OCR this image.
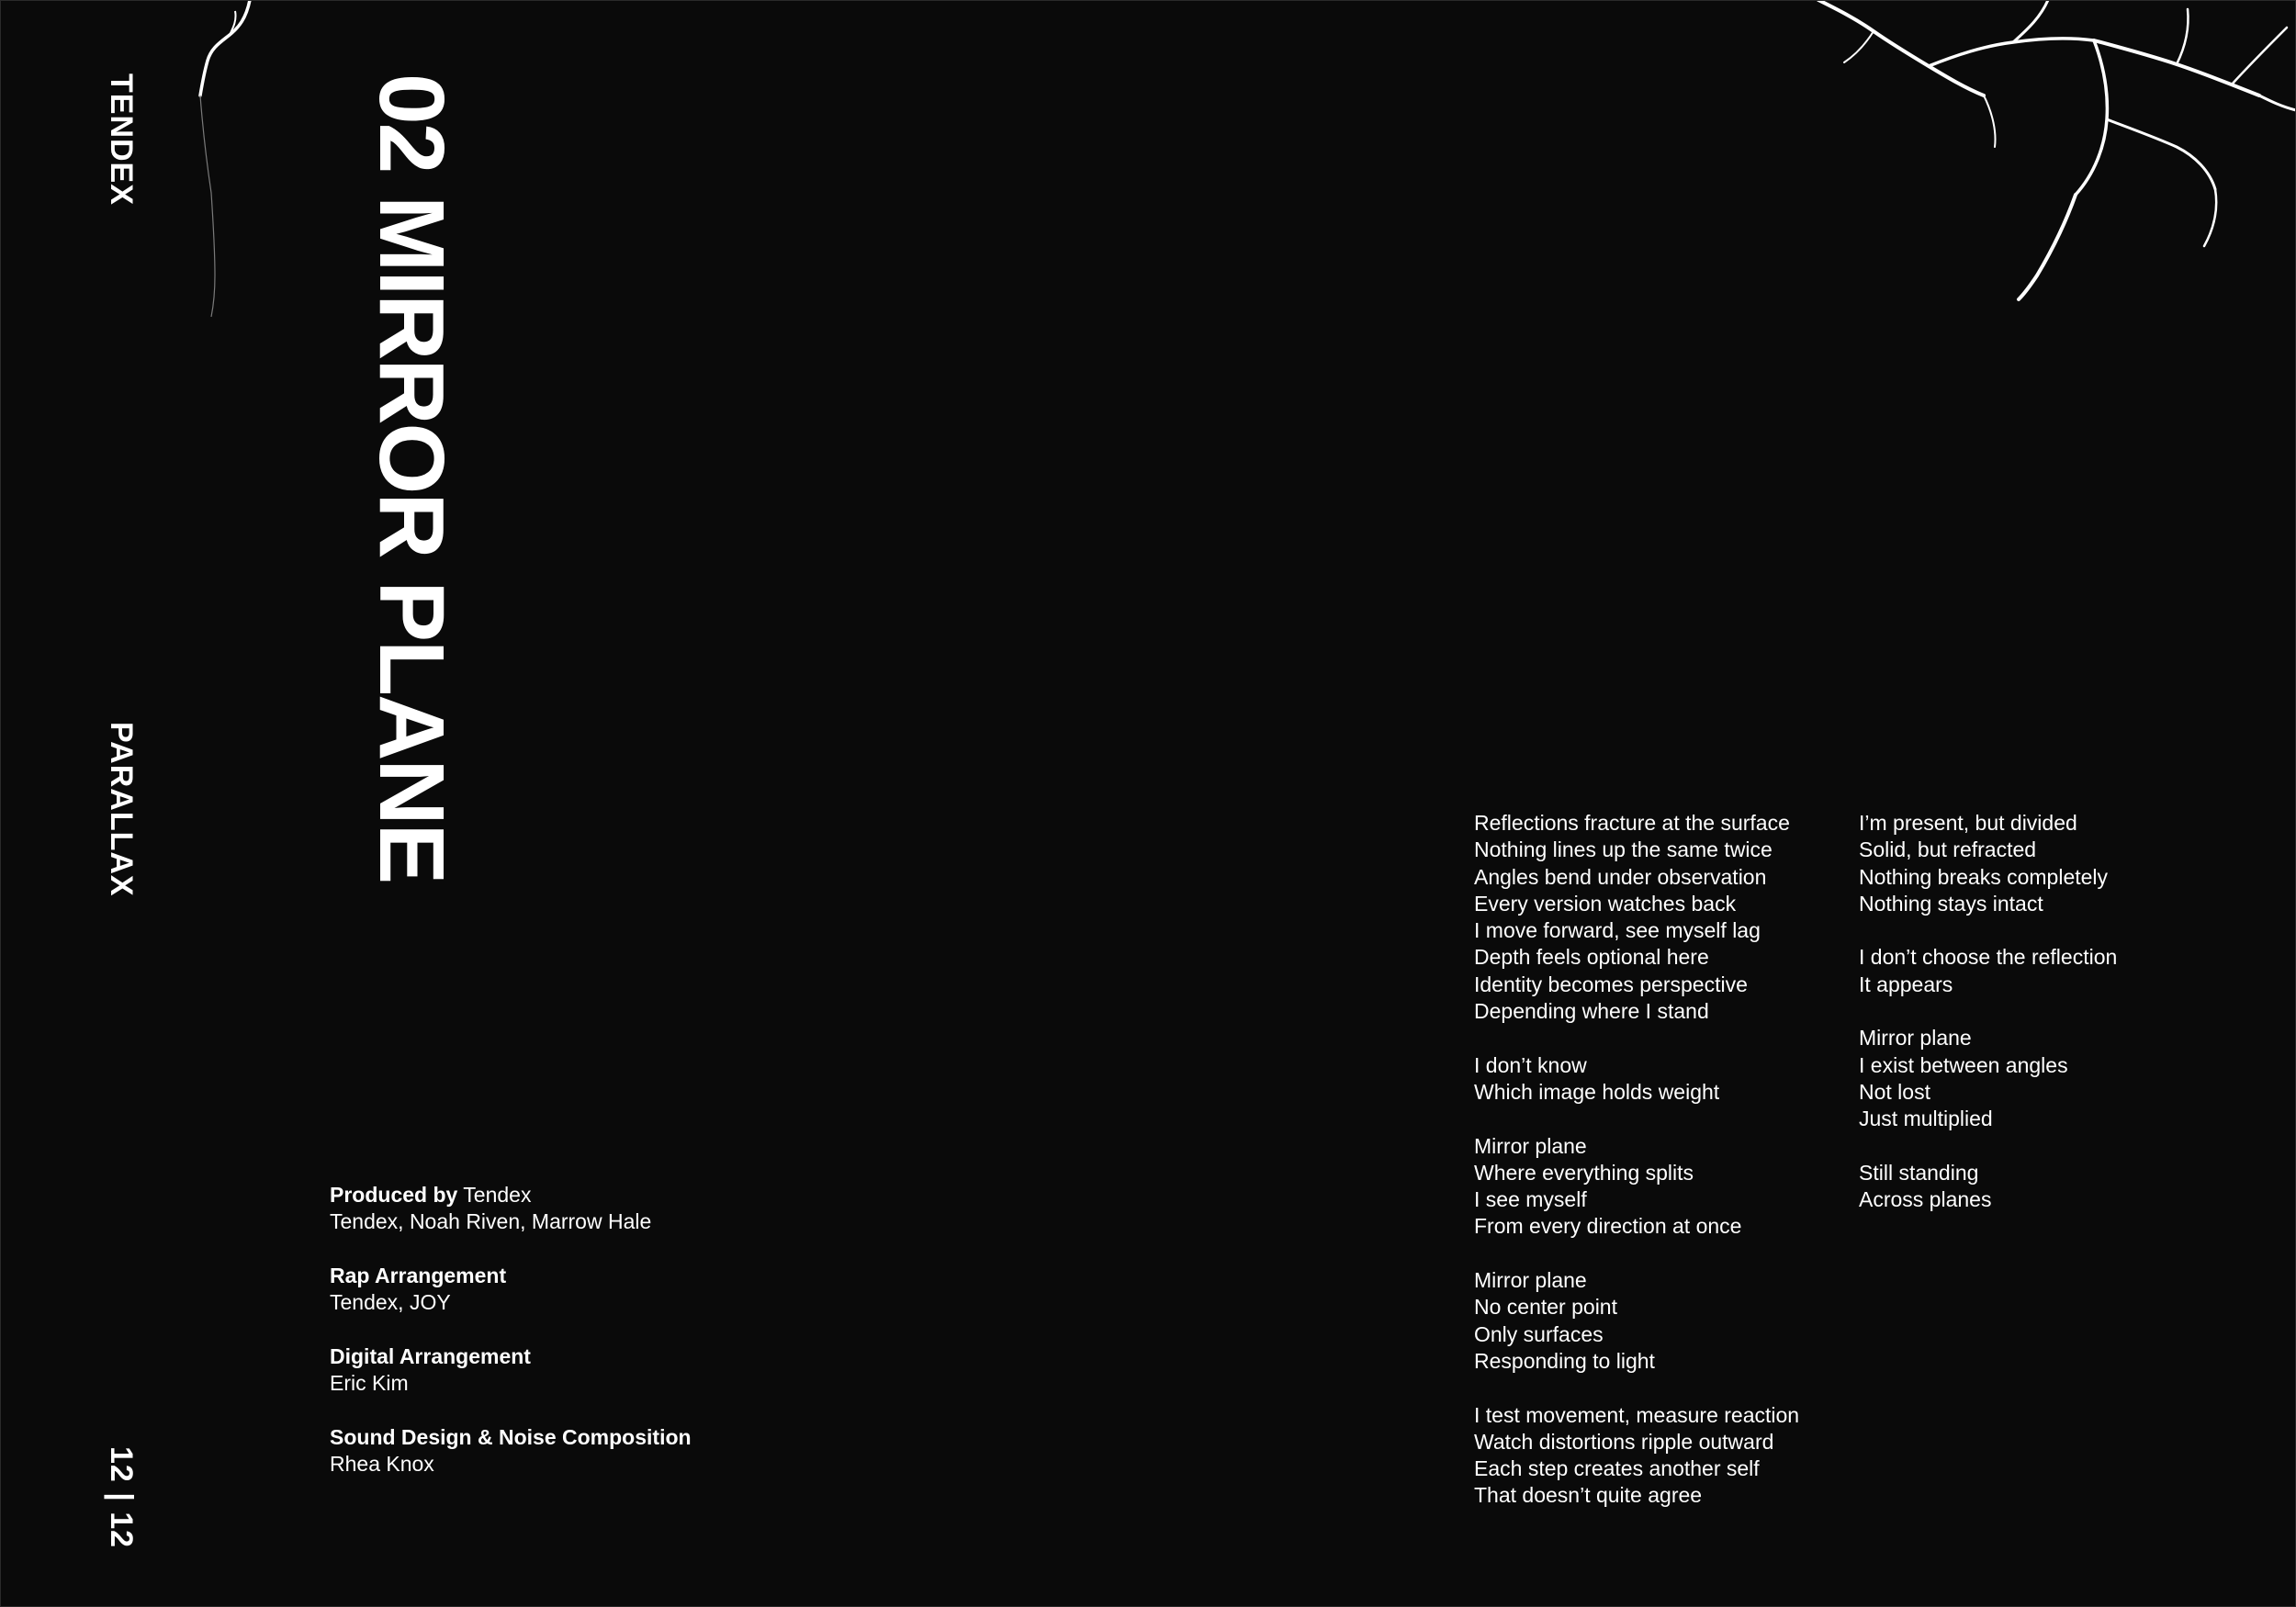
TENDEX
PARALLAX
12 | 12
02 MIRROR PLANE
Produced by Tendex
Tendex, Noah Riven, Marrow Hale
Rap Arrangement
Tendex, JOY
Digital Arrangement
Eric Kim
Sound Design & Noise Composition
Rhea Knox
Reflections fracture at the surface
Nothing lines up the same twice
Angles bend under observation
Every version watches back
I move forward, see myself lag
Depth feels optional here
Identity becomes perspective
Depending where I stand
I don’t know
Which image holds weight
Mirror plane
Where everything splits
I see myself
From every direction at once
Mirror plane
No center point
Only surfaces
Responding to light
I test movement, measure reaction
Watch distortions ripple outward
Each step creates another self
That doesn’t quite agree
I’m present, but divided
Solid, but refracted
Nothing breaks completely
Nothing stays intact
I don’t choose the reflection
It appears
Mirror plane
I exist between angles
Not lost
Just multiplied
Still standing
Across planes
